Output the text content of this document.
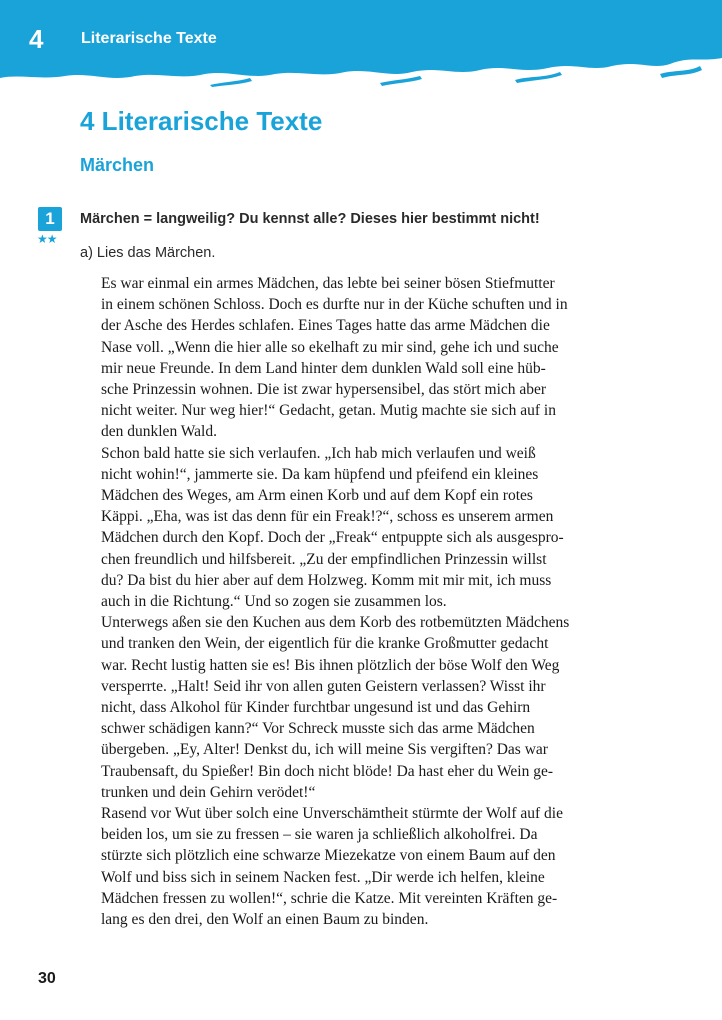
4 Literarische Texte
4 Literarische Texte
Märchen
1
★★

Märchen = langweilig? Du kennst alle? Dieses hier bestimmt nicht!

a) Lies das Märchen.

Es war einmal ein armes Mädchen, das lebte bei seiner bösen Stiefmutter
in einem schönen Schloss. Doch es durfte nur in der Küche schuften und in
der Asche des Herdes schlafen. Eines Tages hatte das arme Mädchen die
Nase voll. „Wenn die hier alle so ekelhaft zu mir sind, gehe ich und suche
mir neue Freunde. In dem Land hinter dem dunklen Wald soll eine hüb-
sche Prinzessin wohnen. Die ist zwar hypersensibel, das stört mich aber
nicht weiter. Nur weg hier!“ Gedacht, getan. Mutig machte sie sich auf in
den dunklen Wald.
Schon bald hatte sie sich verlaufen. „Ich hab mich verlaufen und weiß
nicht wohin!“, jammerte sie. Da kam hüpfend und pfeifend ein kleines
Mädchen des Weges, am Arm einen Korb und auf dem Kopf ein rotes
Käppi. „Eha, was ist das denn für ein Freak!?“, schoss es unserem armen
Mädchen durch den Kopf. Doch der „Freak“ entpuppte sich als ausgespro-
chen freundlich und hilfsbereit. „Zu der empfindlichen Prinzessin willst
du? Da bist du hier aber auf dem Holzweg. Komm mit mir mit, ich muss
auch in die Richtung.“ Und so zogen sie zusammen los.
Unterwegs aßen sie den Kuchen aus dem Korb des rotbemützten Mädchens
und tranken den Wein, der eigentlich für die kranke Großmutter gedacht
war. Recht lustig hatten sie es! Bis ihnen plötzlich der böse Wolf den Weg
versperrte. „Halt! Seid ihr von allen guten Geistern verlassen? Wisst ihr
nicht, dass Alkohol für Kinder furchtbar ungesund ist und das Gehirn
schwer schädigen kann?“ Vor Schreck musste sich das arme Mädchen
übergeben. „Ey, Alter! Denkst du, ich will meine Sis vergiften? Das war
Traubensaft, du Spießer! Bin doch nicht blöde! Da hast eher du Wein ge-
trunken und dein Gehirn verödet!“
Rasend vor Wut über solch eine Unverschämtheit stürmte der Wolf auf die
beiden los, um sie zu fressen – sie waren ja schließlich alkoholfrei. Da
stürzte sich plötzlich eine schwarze Miezekatze von einem Baum auf den
Wolf und biss sich in seinem Nacken fest. „Dir werde ich helfen, kleine
Mädchen fressen zu wollen!“, schrie die Katze. Mit vereinten Kräften ge-
lang es den drei, den Wolf an einen Baum zu binden.
30
